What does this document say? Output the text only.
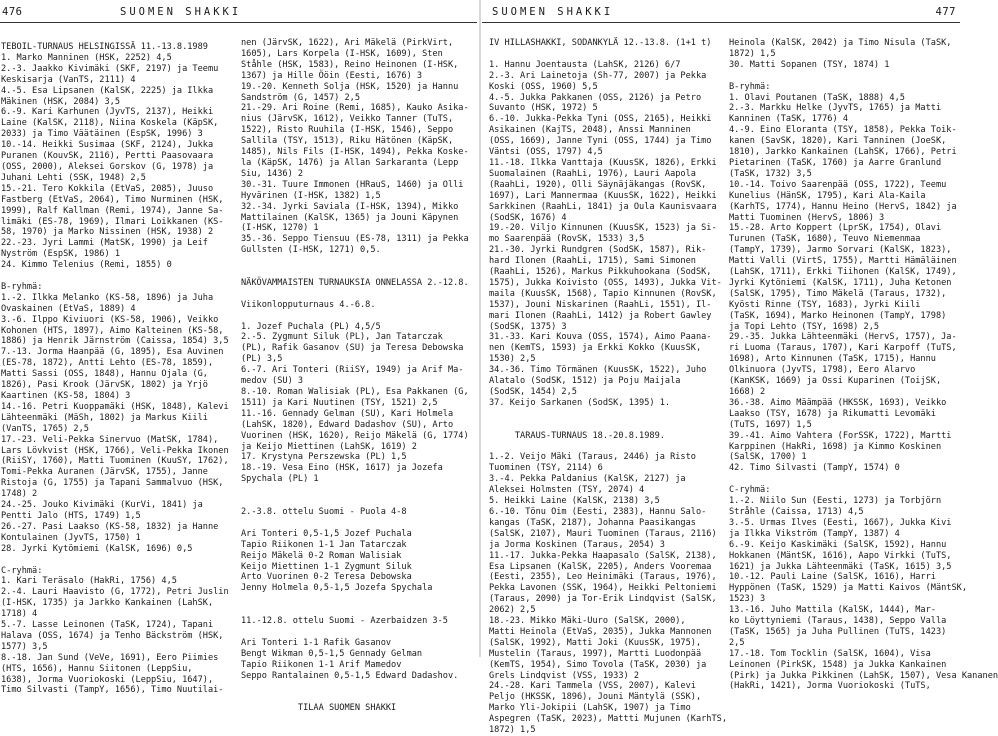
476	SUOMEN SHAKKI	SUOMEN SHAKKI	477
TEBOIL-TURNAUS HELSINGISSÄ 11.-13.8.1989
1. Marko Manninen (HSK, 2252) 4,5
2.-3. Jaakko Kivimäki (SKF, 2197) ja Teemu
Keskisarja (VanTS, 2111) 4
4.-5. Esa Lipsanen (KalSK, 2225) ja Ilkka
Mäkinen (HSK, 2084) 3,5
6.-9. Kari Karhunen (JyvTS, 2137), Heikki
Laine (KalSK, 2118), Niina Koskela (KäpSK,
2033) ja Timo Väätäinen (EspSK, 1996) 3
10.-14. Heikki Susimaa (SKF, 2124), Jukka
Puranen (KouvSK, 2116), Pertti Paasovaara
(OSS, 2000), Aleksei Gorskov (G, 1978) ja
Juhani Lehti (SSK, 1948) 2,5
15.-21. Tero Kokkila (EtVaS, 2085), Juuso
Fastberg (EtVaS, 2064), Timo Nurminen (HSK,
1999), Ralf Kallman (Remi, 1974), Janne Sa-
limäki (ES-78, 1969), Ilmari Loikkanen (KS-
58, 1970) ja Marko Nissinen (HSK, 1938) 2
22.-23. Jyri Lammi (MatSK, 1990) ja Leif
Nyström (EspSK, 1986) 1
24. Kimmo Telenius (Remi, 1855) 0

B-ryhmä:
1.-2. Ilkka Melanko (KS-58, 1896) ja Juha
Ovaskainen (EtVaS, 1889) 4
3.-6. Ilppo Kiviuori (KS-58, 1906), Veikko
Kohonen (HTS, 1897), Aimo Kalteinen (KS-58,
1886) ja Henrik Järnström (Caissa, 1854) 3,5
7.-13. Jorma Haanpää (G, 1895), Esa Auvinen
(ES-78, 1872), Antti Lehto (ES-78, 1859),
Matti Sassi (OSS, 1848), Hannu Ojala (G,
1826), Pasi Krook (JärvSK, 1802) ja Yrjö
Kaartinen (KS-58, 1804) 3
14.-16. Petri Kuoppamäki (HSK, 1848), Kalevi
Lähteenmäki (MäSh, 1802) ja Markus Kiili
(VanTS, 1765) 2,5
17.-23. Veli-Pekka Sinervuo (MatSK, 1784),
Lars Lövkvist (HSK, 1766), Veli-Pekka Ikonen
(RiiSY, 1760), Matti Tuominen (KuuSY, 1762),
Tomi-Pekka Auranen (JärvSK, 1755), Janne
Ristoja (G, 1755) ja Tapani Sammalvuo (HSK,
1748) 2
24.-25. Jouko Kivimäki (KurVi, 1841) ja
Pentti Jalo (HTS, 1749) 1,5
26.-27. Pasi Laakso (KS-58, 1832) ja Hanne
Kontulainen (JyvTS, 1750) 1
28. Jyrki Kytömiemi (KalSK, 1696) 0,5

C-ryhmä:
1. Kari Teräsalo (HakRi, 1756) 4,5
2.-4. Lauri Haavisto (G, 1772), Petri Juslin
(I-HSK, 1735) ja Jarkko Kankainen (LahSK,
1718) 4
5.-7. Lasse Leinonen (TaSK, 1724), Tapani
Halava (OSS, 1674) ja Tenho Bäckström (HSK,
1577) 3,5
8.-18. Jan Sund (VeVe, 1691), Eero Piimies
(HTS, 1656), Hannu Siitonen (LeppSiu,
1638), Jorma Vuoriokoski (LeppSiu, 1647),
Timo Silvasti (TampY, 1656), Timo Nuutilai-
nen (JärvSK, 1622), Ari Mäkelä (PirkVirt,
1605), Lars Korpela (I-HSK, 1609), Sten
Ståhle (HSK, 1583), Reino Heinonen (I-HSK,
1367) ja Hille Ööin (Eesti, 1676) 3
19.-20. Kenneth Solja (HSK, 1520) ja Hannu
Sandström (G, 1457) 2,5
21.-29. Ari Roine (Remi, 1685), Kauko Asika-
nius (JärvSK, 1612), Veikko Tanner (TuTS,
1522), Risto Ruuhila (I-HSK, 1546), Seppo
Sallila (TSY, 1513), Riku Hätönen (KäpSK,
1485), Nils Fils (I-HSK, 1494), Pekka Koske-
la (KäpSK, 1476) ja Allan Sarkaranta (Lepp
Siu, 1436) 2
30.-31. Tuure Immonen (HRauS, 1460) ja Olli
Hyvärinen (I-HSK, 1382) 1,5
32.-34. Jyrki Saviala (I-HSK, 1394), Mikko
Mattilainen (KalSK, 1365) ja Jouni Käpynen
(I-HSK, 1270) 1
35.-36. Seppo Tiensuu (ES-78, 1311) ja Pekka
Gullsten (I-HSK, 1271) 0,5.

NÄKÖVAMMAISTEN TURNAUKSIA ONNELASSA 2.-12.8.

Viikonlopputurnaus 4.-6.8.

1. Jozef Puchala (PL) 4,5/5
2.-5. Zygmunt Siluk (PL), Jan Tatarczak
(PL), Rafik Gasanov (SU) ja Teresa Debowska
(PL) 3,5
6.-7. Ari Tonteri (RiiSY, 1949) ja Arif Ma-
medov (SU) 3
8.-10. Roman Walisiak (PL), Esa Pakkanen (G,
1511) ja Kari Nuutinen (TSY, 1521) 2,5
11.-16. Gennady Gelman (SU), Kari Holmela
(LahSK, 1820), Edward Dadashov (SU), Arto
Vuorinen (HSK, 1620), Reijo Mäkelä (G, 1774)
ja Keijo Miettinen (LahSK, 1619) 2
17. Krystyna Perszewska (PL) 1,5
18.-19. Vesa Eino (HSK, 1617) ja Jozefa
Spychala (PL) 1

2.-3.8. ottelu Suomi - Puola 4-8

Ari Tonteri 0,5-1,5 Jozef Puchala
Tapio Riikonen 1-1 Jan Tatarczak
Reijo Mäkelä 0-2 Roman Walisiak
Keijo Miettinen 1-1 Zygmunt Siluk
Arto Vuorinen 0-2 Teresa Debowska
Jenny Holmela 0,5-1,5 Jozefa Spychala

11.-12.8. ottelu Suomi - Azerbaidzen 3-5

Ari Tonteri 1-1 Rafik Gasanov
Bengt Wikman 0,5-1,5 Gennady Gelman
Tapio Riikonen 1-1 Arif Mamedov
Seppo Rantalainen 0,5-1,5 Edward Dadashov.

TILAA SUOMEN SHAKKI
IV HILLASHAKKI, SODANKYLÄ 12.-13.8. (1+1 t)

1. Hannu Joentausta (LahSK, 2126) 6/7
2.-3. Ari Lainetoja (Sh-77, 2007) ja Pekka
Koski (OSS, 1960) 5,5
4.-5. Jukka Pakkanen (OSS, 2126) ja Petro
Suvanto (HSK, 1972) 5
6.-10. Jukka-Pekka Tyni (OSS, 2165), Heikki
Asikainen (KajTS, 2048), Anssi Manninen
(OSS, 1669), Janne Tyni (OSS, 1744) ja Timo
Väntsi (OSS, 1797) 4,5
11.-18. Ilkka Vanttaja (KuusSK, 1826), Erkki
Suomalainen (RaahLi, 1976), Lauri Aapola
(RaahLi, 1920), Olli Säynäjäkangas (RovSK,
1697), Lari Mannermaa (KuusSK, 1622), Heikki
Sarkkinen (RaahLi, 1841) ja Oula Kaunisvaara
(SodSK, 1676) 4
19.-20. Viljo Kinnunen (KuusSK, 1523) ja Si-
mo Saarenpää (RovSK, 1533) 3,5
21.-30. Jyrki Rundgren (SodSK, 1587), Rik-
hard Ilonen (RaahLi, 1715), Sami Simonen
(RaahLi, 1526), Markus Pikkuhookana (SodSK,
1575), Jukka Koivisto (OSS, 1493), Jukka Vit-
maila (KuusSK, 1568), Tapio Kinnunen (RovSK,
1537), Jouni Niskarinen (RaahLi, 1551), Il-
mari Ilonen (RaahLi, 1412) ja Robert Gawley
(SodSK, 1375) 3
31.-33. Kari Kouva (OSS, 1574), Aimo Paana-
nen (KemTS, 1593) ja Erkki Kokko (KuusSK,
1530) 2,5
34.-36. Timo Törmänen (KuusSK, 1522), Juho
Alatalo (SodSK, 1512) ja Poju Maijala
(SodSK, 1454) 2,5
37. Keijo Sarkanen (SodSK, 1395) 1.

TARAUS-TURNAUS 18.-20.8.1989.

1.-2. Veijo Mäki (Taraus, 2446) ja Risto
Tuominen (TSY, 2114) 6
3.-4. Pekka Paldanius (KalSK, 2127) ja
Aleksei Holmsten (TSY, 2074) 4
5. Heikki Laine (KalSK, 2138) 3,5
6.-10. Tönu Oim (Eesti, 2383), Hannu Salo-
kangas (TaSK, 2187), Johanna Paasikangas
(SalSK, 2107), Mauri Tuominen (Taraus, 2116)
ja Jorma Koskinen (Taraus, 2054) 3
11.-17. Jukka-Pekka Haapasalo (SalSK, 2138),
Esa Lipsanen (KalSK, 2205), Anders Vooremaa
(Eesti, 2355), Leo Heinimäki (Taraus, 1976),
Pekka Lavonen (SSK, 1964), Heikki Peltoniemi
(Taraus, 2090) ja Tor-Erik Lindqvist (SalSK,
2062) 2,5
18.-23. Mikko Mäki-Uuro (SalSK, 2000),
Matti Heinola (EtVaS, 2035), Jukka Mannonen
(SalSK, 1992), Matti Joki (KuusSK, 1975),
Mustelin (Taraus, 1997), Martti Luodonpää
(KemTS, 1954), Simo Tovola (TaSK, 2030) ja
Grels Lindqvist (VSS, 1933) 2
24.-28. Kari Tammela (VSS, 2007), Kalevi
Peljo (HKSSK, 1896), Jouni Mäntylä (SSK),
Marko Yli-Jokipii (LahSK, 1907) ja Timo
Aspegren (TaSK, 2023), Mattti Mujunen (KarhTS,
1872) 1,5
Heinola (KalSK, 2042) ja Timo Nisula (TaSK,
1872) 1,5
30. Matti Sopanen (TSY, 1874) 1

B-ryhmä:
1. Olavi Poutanen (TaSK, 1888) 4,5
2.-3. Markku Helke (JyvTS, 1765) ja Matti
Kanninen (TaSK, 1776) 4
4.-9. Eino Eloranta (TSY, 1858), Pekka Toik-
kanen (SavSK, 1820), Kari Tanninen (JoeSK,
1810), Jarkko Kankainen (LahSK, 1766), Petri
Pietarinen (TaSK, 1760) ja Aarre Granlund
(TaSK, 1732) 3,5
10.-14. Toivo Saarenpää (OSS, 1722), Teemu
Kunelius (HänSK, 1795), Kari Ala-Kaila
(KarhTS, 1774), Hannu Heino (HervS, 1842) ja
Matti Tuominen (HervS, 1806) 3
15.-28. Arto Koppert (LprSK, 1754), Olavi
Turunen (TaSK, 1680), Teuvo Niemenmaa
(TampY, 1739), Jarmo Sorvari (KalSK, 1823),
Matti Valli (VirtS, 1755), Martti Hämäläinen
(LahSK, 1711), Erkki Tiihonen (KalSK, 1749),
Jyrki Kytöniemi (KalSK, 1711), Juha Ketonen
(SalSK, 1795), Timo Mäkelä (Taraus, 1732),
Kyösti Rinne (TSY, 1683), Jyrki Kiili
(TaSK, 1694), Marko Heinonen (TampY, 1798)
ja Topi Lehto (TSY, 1698) 2,5
29.-35. Jukka Lähteenmäki (HervS, 1757), Ja-
ri Luoma (Taraus, 1707), Kari Karpoff (TuTS,
1698), Arto Kinnunen (TaSK, 1715), Hannu
Olkinuora (JyvTS, 1798), Eero Alarvo
(KanKSK, 1669) ja Ossi Kuparinen (ToijSK,
1668) 2
36.-38. Aimo Määmpää (HKSSK, 1693), Veikko
Laakso (TSY, 1678) ja Rikumatti Levomäki
(TuTS, 1697) 1,5
39.-41. Aimo Vahtera (ForSSK, 1722), Martti
Karppinen (HakRi, 1698) ja Kimmo Koskinen
(SalSK, 1700) 1
42. Timo Silvasti (TampY, 1574) 0

C-ryhmä:
1.-2. Niilo Sun (Eesti, 1273) ja Torbjörn
Stråhle (Caissa, 1713) 4,5
3.-5. Urmas Ilves (Eesti, 1667), Jukka Kivi
ja Ilkka Vikström (TampY, 1387) 4
6.-9. Keijo Kaskimäki (SalSK, 1592), Hannu
Hokkanen (MäntSK, 1616), Aapo Virkki (TuTS,
1621) ja Jukka Lähteenmäki (TaSK, 1615) 3,5
10.-12. Pauli Laine (SalSK, 1616), Harri
Hyppönen (TaSK, 1529) ja Matti Kaivos (MäntSK,
1523) 3
13.-16. Juho Mattila (KalSK, 1444), Mar-
ko Löyttyniemi (Taraus, 1438), Seppo Valla
(TaSK, 1565) ja Juha Pullinen (TuTS, 1423)
2,5
17.-18. Tom Tocklin (SalSK, 1604), Visa
Leinonen (PirkSK, 1548) ja Jukka Kankainen
(Pirk) ja Jukka Pikkinen (LahSK, 1507), Vesa Kananen
(HakRi, 1421), Jorma Vuoriokoski (TuTS,
